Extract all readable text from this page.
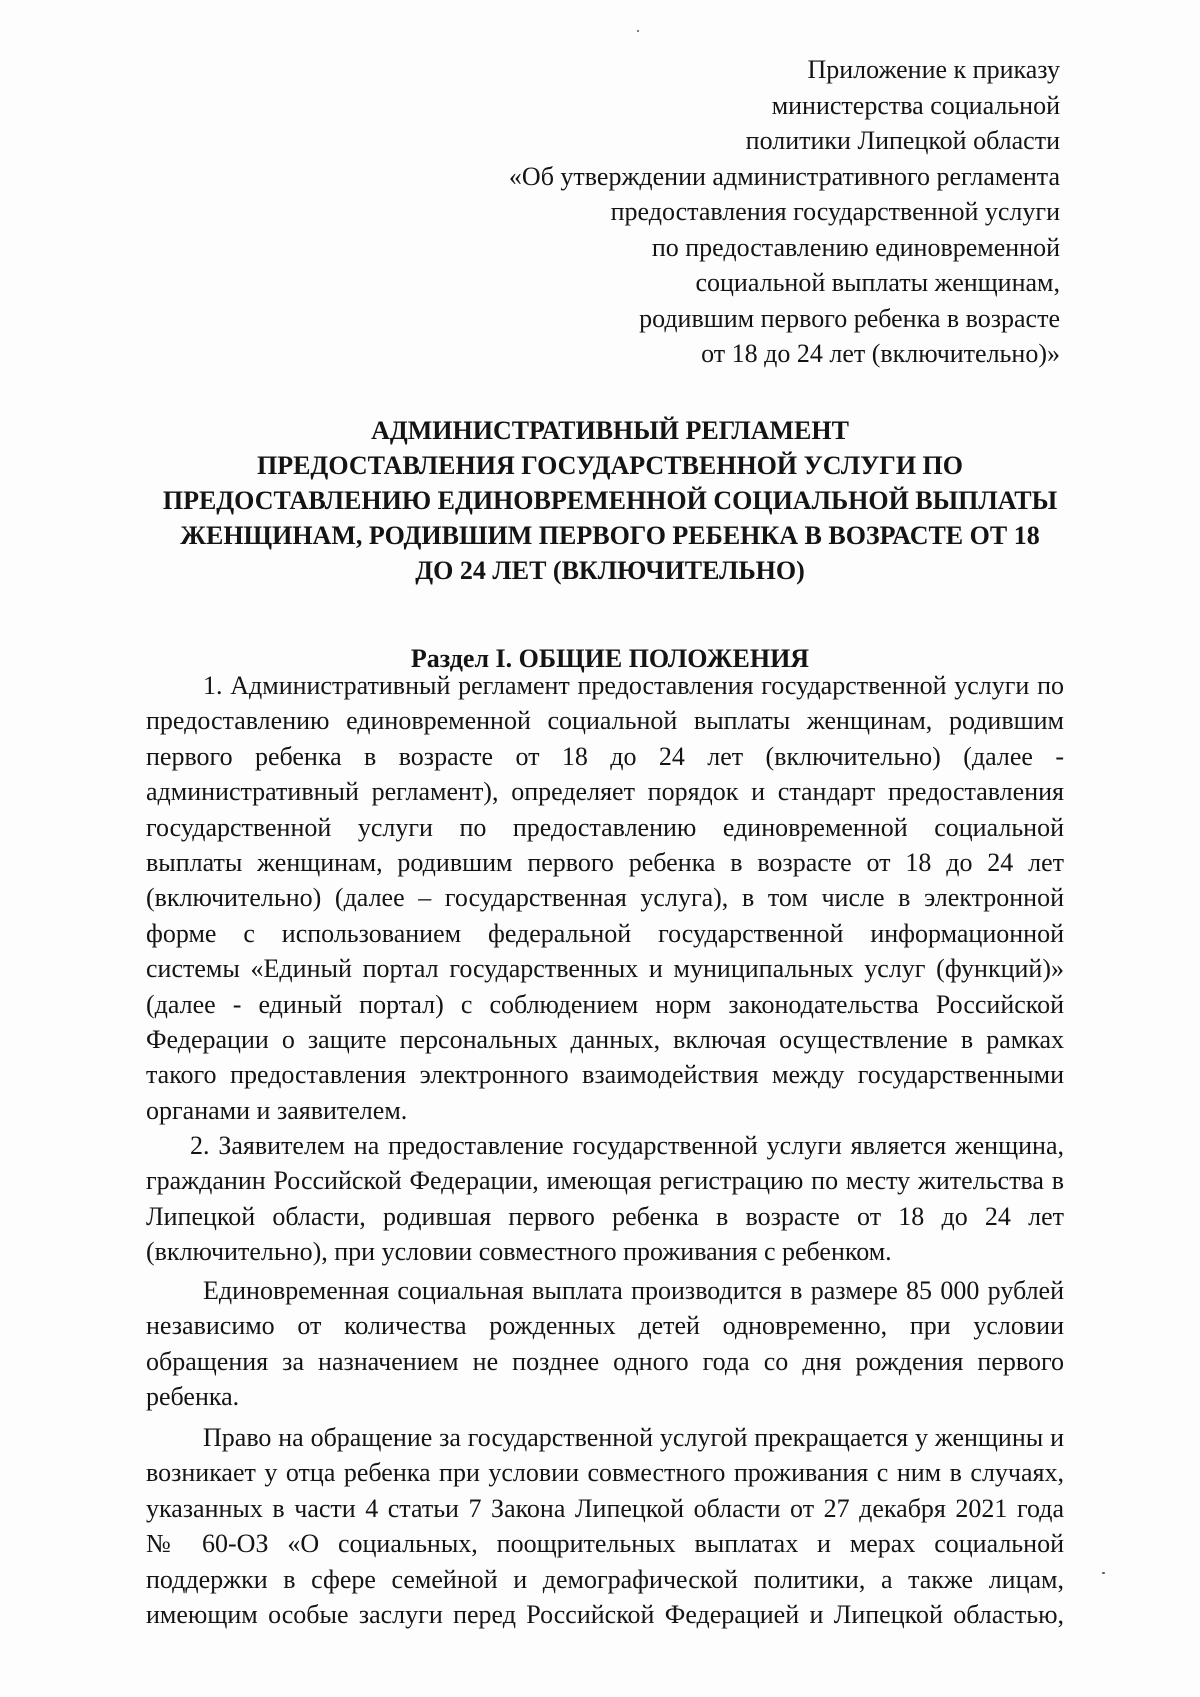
Приложение к приказу
министерства социальной
политики Липецкой области
«Об утверждении административного регламента
предоставления государственной услуги
по предоставлению единовременной
социальной выплаты женщинам,
родившим первого ребенка в возрасте
от 18 до 24 лет (включительно)»
АДМИНИСТРАТИВНЫЙ РЕГЛАМЕНТ
ПРЕДОСТАВЛЕНИЯ ГОСУДАРСТВЕННОЙ УСЛУГИ ПО
ПРЕДОСТАВЛЕНИЮ ЕДИНОВРЕМЕННОЙ СОЦИАЛЬНОЙ ВЫПЛАТЫ
ЖЕНЩИНАМ, РОДИВШИМ ПЕРВОГО РЕБЕНКА В ВОЗРАСТЕ ОТ 18
ДО 24 ЛЕТ (ВКЛЮЧИТЕЛЬНО)
Раздел I. ОБЩИЕ ПОЛОЖЕНИЯ
1. Административный регламент предоставления государственной услуги по
предоставлению единовременной социальной выплаты женщинам, родившим
первого ребенка в возрасте от 18 до 24 лет (включительно) (далее -
административный регламент), определяет порядок и стандарт предоставления
государственной услуги по предоставлению единовременной социальной
выплаты женщинам, родившим первого ребенка в возрасте от 18 до 24 лет
(включительно) (далее – государственная услуга), в том числе в электронной
форме с использованием федеральной государственной информационной
системы «Единый портал государственных и муниципальных услуг (функций)»
(далее - единый портал) с соблюдением норм законодательства Российской
Федерации о защите персональных данных, включая осуществление в рамках
такого предоставления электронного взаимодействия между государственными
органами и заявителем.
2. Заявителем на предоставление государственной услуги является женщина,
гражданин Российской Федерации, имеющая регистрацию по месту жительства в
Липецкой области, родившая первого ребенка в возрасте от 18 до 24 лет
(включительно), при условии совместного проживания с ребенком.
Единовременная социальная выплата производится в размере 85 000 рублей
независимо от количества рожденных детей одновременно, при условии
обращения за назначением не позднее одного года со дня рождения первого
ребенка.
Право на обращение за государственной услугой прекращается у женщины и
возникает у отца ребенка при условии совместного проживания с ним в случаях,
указанных в части 4 статьи 7 Закона Липецкой области от 27 декабря 2021 года
№ 60-ОЗ «О социальных, поощрительных выплатах и мерах социальной
поддержки в сфере семейной и демографической политики, а также лицам,
имеющим особые заслуги перед Российской Федерацией и Липецкой областью,
